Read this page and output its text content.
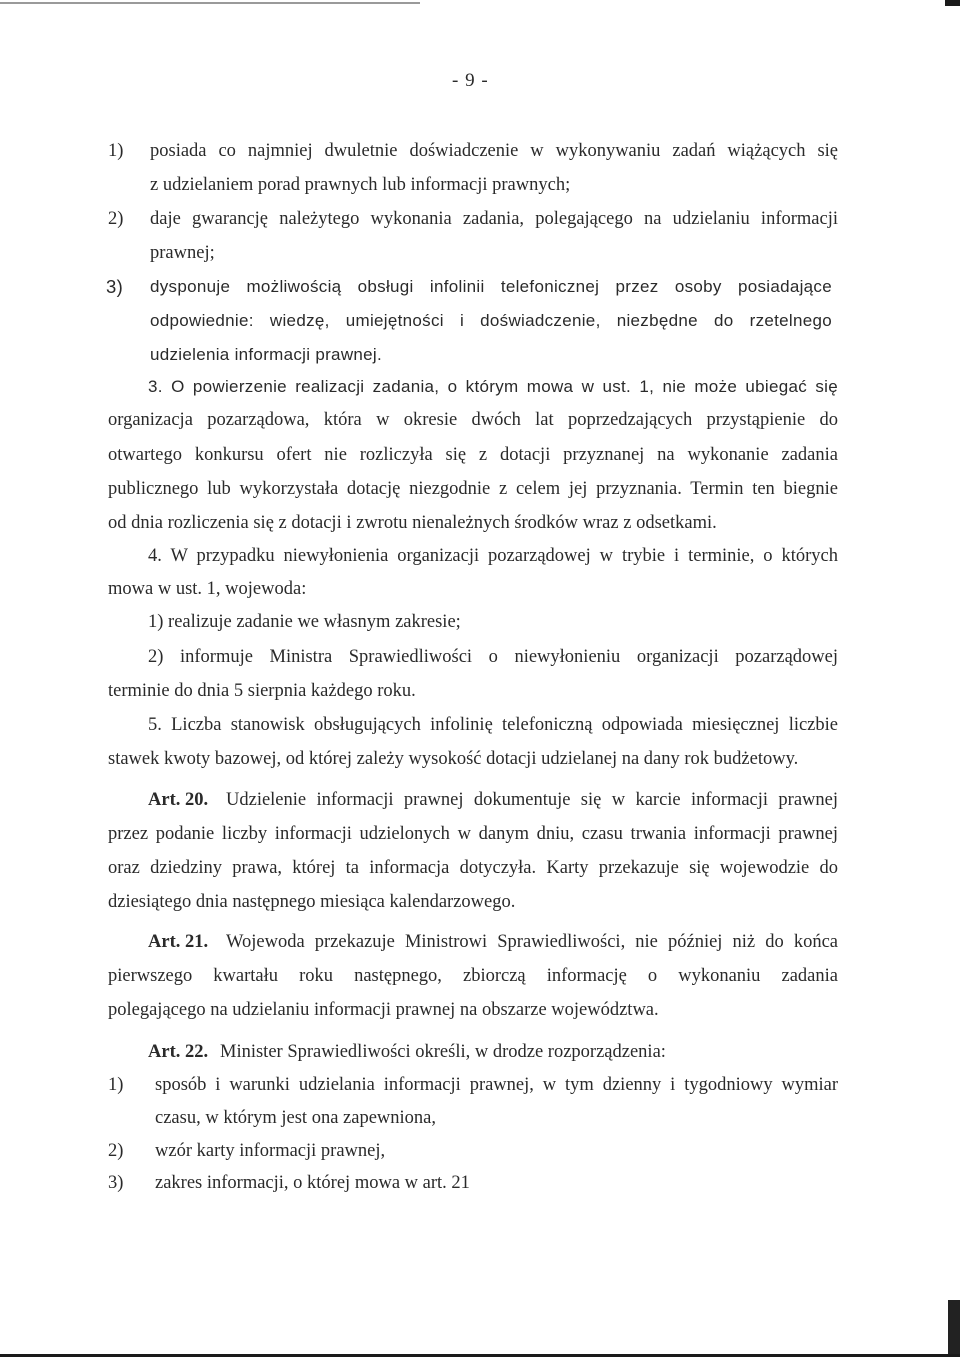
- 9 -
1) posiada co najmniej dwuletnie doświadczenie w wykonywaniu zadań wiążących się
z udzielaniem porad prawnych lub informacji prawnych;
2) daje gwarancję należytego wykonania zadania, polegającego na udzielaniu informacji
prawnej;
3) dysponuje możliwością obsługi infolinii telefonicznej przez osoby posiadające
odpowiednie: wiedzę, umiejętności i doświadczenie, niezbędne do rzetelnego
udzielenia informacji prawnej.
3. O powierzenie realizacji zadania, o którym mowa w ust. 1, nie może ubiegać się
organizacja pozarządowa, która w okresie dwóch lat poprzedzających przystąpienie do
otwartego konkursu ofert nie rozliczyła się z dotacji przyznanej na wykonanie zadania
publicznego lub wykorzystała dotację niezgodnie z celem jej przyznania. Termin ten biegnie
od dnia rozliczenia się z dotacji i zwrotu nienależnych środków wraz z odsetkami.
4. W przypadku niewyłonienia organizacji pozarządowej w trybie i terminie, o których
mowa w ust. 1, wojewoda:
1) realizuje zadanie we własnym zakresie;
2) informuje Ministra Sprawiedliwości o niewyłonieniu organizacji pozarządowej
terminie do dnia 5 sierpnia każdego roku.
5. Liczba stanowisk obsługujących infolinię telefoniczną odpowiada miesięcznej liczbie
stawek kwoty bazowej, od której zależy wysokość dotacji udzielanej na dany rok budżetowy.
Art. 20. Udzielenie informacji prawnej dokumentuje się w karcie informacji prawnej
przez podanie liczby informacji udzielonych w danym dniu, czasu trwania informacji prawnej
oraz dziedziny prawa, której ta informacja dotyczyła. Karty przekazuje się wojewodzie do
dziesiątego dnia następnego miesiąca kalendarzowego.
Art. 21. Wojewoda przekazuje Ministrowi Sprawiedliwości, nie później niż do końca
pierwszego kwartału roku następnego, zbiorczą informację o wykonaniu zadania
polegającego na udzielaniu informacji prawnej na obszarze województwa.
Art. 22. Minister Sprawiedliwości określi, w drodze rozporządzenia:
1) sposób i warunki udzielania informacji prawnej, w tym dzienny i tygodniowy wymiar
czasu, w którym jest ona zapewniona,
2) wzór karty informacji prawnej,
3) zakres informacji, o której mowa w art. 21
